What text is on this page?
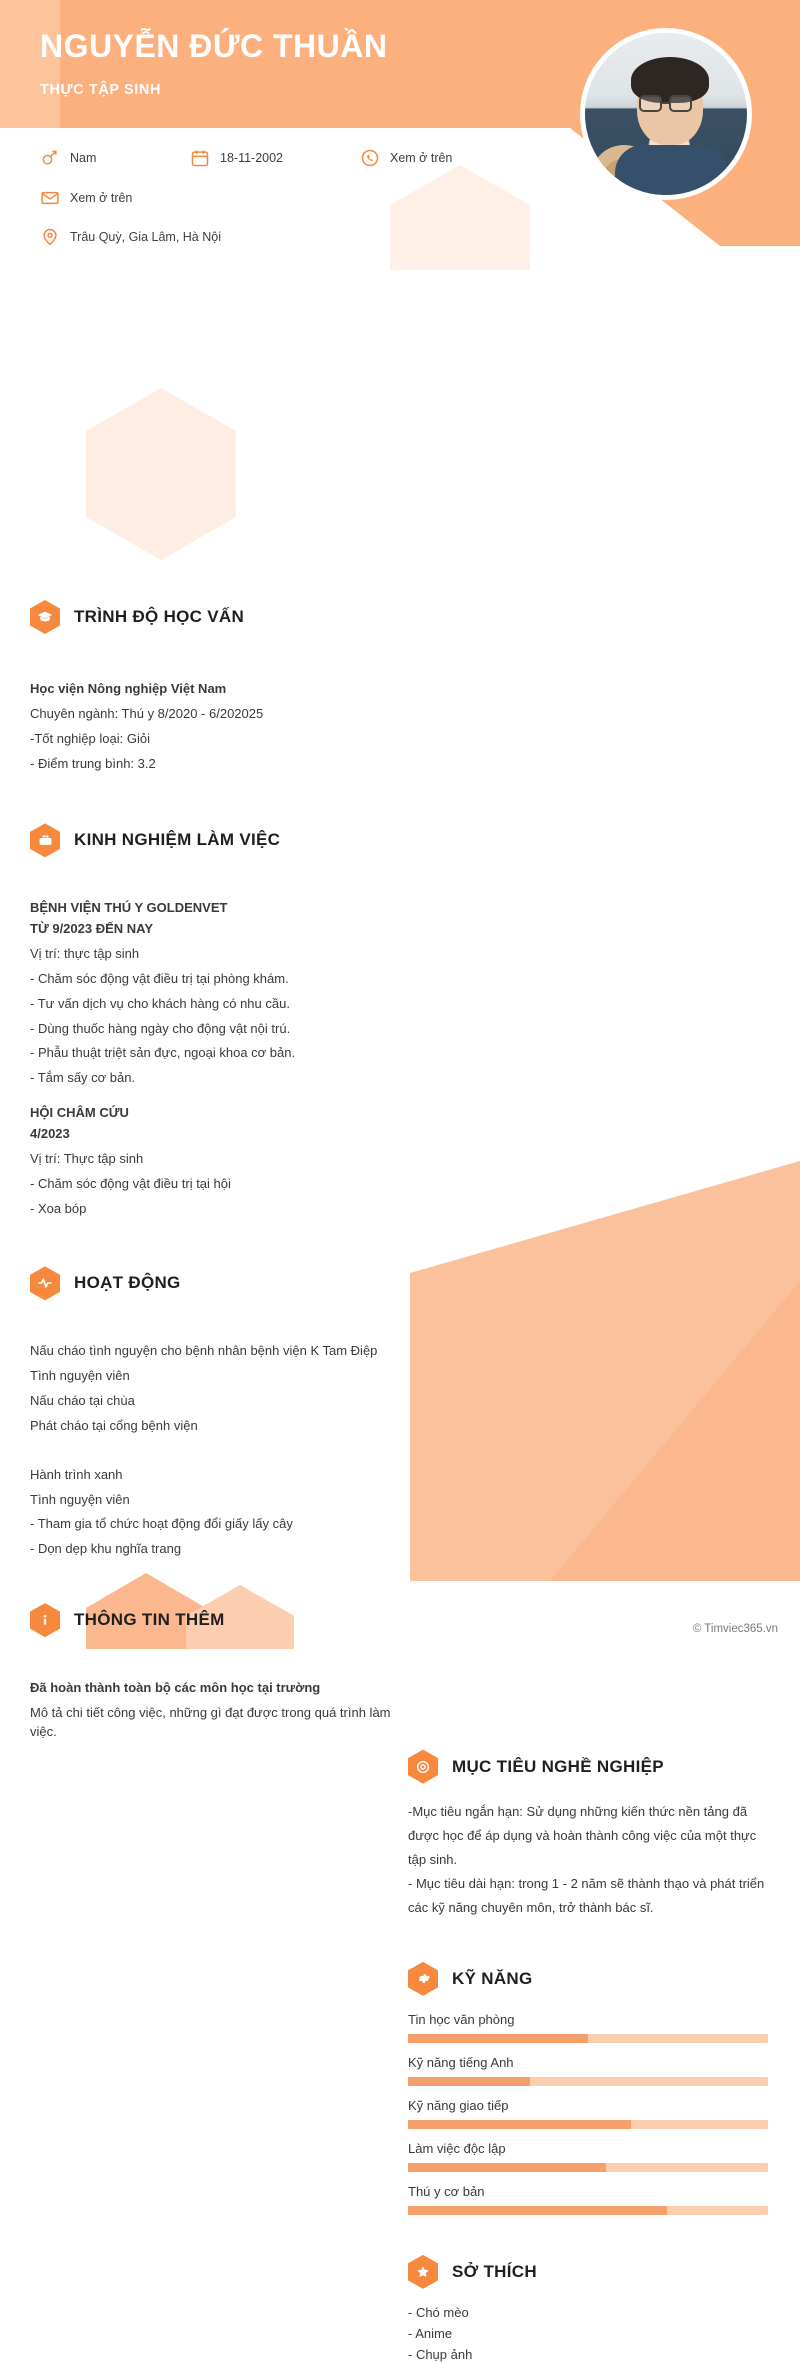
NGUYỄN ĐỨC THUẦN
THỰC TẬP SINH
Nam	18-11-2002	Xem ở trên
Xem ở trên
Trâu Quỳ, Gia Lâm, Hà Nội
TRÌNH ĐỘ HỌC VẤN

Học viện Nông nghiệp Việt Nam

Chuyên ngành: Thú y 8/2020 - 6/202025

-Tốt nghiệp loại: Giỏi

- Điểm trung bình: 3.2

KINH NGHIỆM LÀM VIỆC

BỆNH VIỆN THÚ Y GOLDENVET

TỪ 9/2023 ĐẾN NAY

Vị trí: thực tập sinh

- Chăm sóc động vật điều trị tại phòng khám.

- Tư vấn dịch vụ cho khách hàng có nhu cầu.

- Dùng thuốc hàng ngày cho động vật nội trú.

- Phẫu thuật triệt sản đực, ngoại khoa cơ bản.

- Tắm sấy cơ bản.

HỘI CHÂM CỨU

4/2023

Vị trí: Thực tập sinh

- Chăm sóc động vật điều trị tại hội

- Xoa bóp

HOẠT ĐỘNG

Nấu cháo tình nguyện cho bệnh nhân bệnh viện K Tam Điệp

Tình nguyện viên

Nấu cháo tại chùa

Phát cháo tại cổng bệnh viện

Hành trình xanh

Tình nguyện viên

- Tham gia tổ chức hoạt động đổi giấy lấy cây

- Dọn dẹp khu nghĩa trang

THÔNG TIN THÊM

Đã hoàn thành toàn bộ các môn học tại trường

Mô tả chi tiết công việc, những gì đạt được trong quá trình làm việc.

MỤC TIÊU NGHỀ NGHIỆP

-Mục tiêu ngắn hạn: Sử dụng những kiến thức nền tảng đã được học để áp dụng và hoàn thành công việc của một thực tập sinh.

- Mục tiêu dài hạn: trong 1 - 2 năm sẽ thành thạo và phát triển các kỹ năng chuyên môn, trở thành bác sĩ.

KỸ NĂNG
Tin học văn phòng
Kỹ năng tiếng Anh
Kỹ năng giao tiếp
Làm việc độc lập
Thú y cơ bản
SỞ THÍCH

- Chó mèo

- Anime

- Chụp ảnh

© Timviec365.vn
